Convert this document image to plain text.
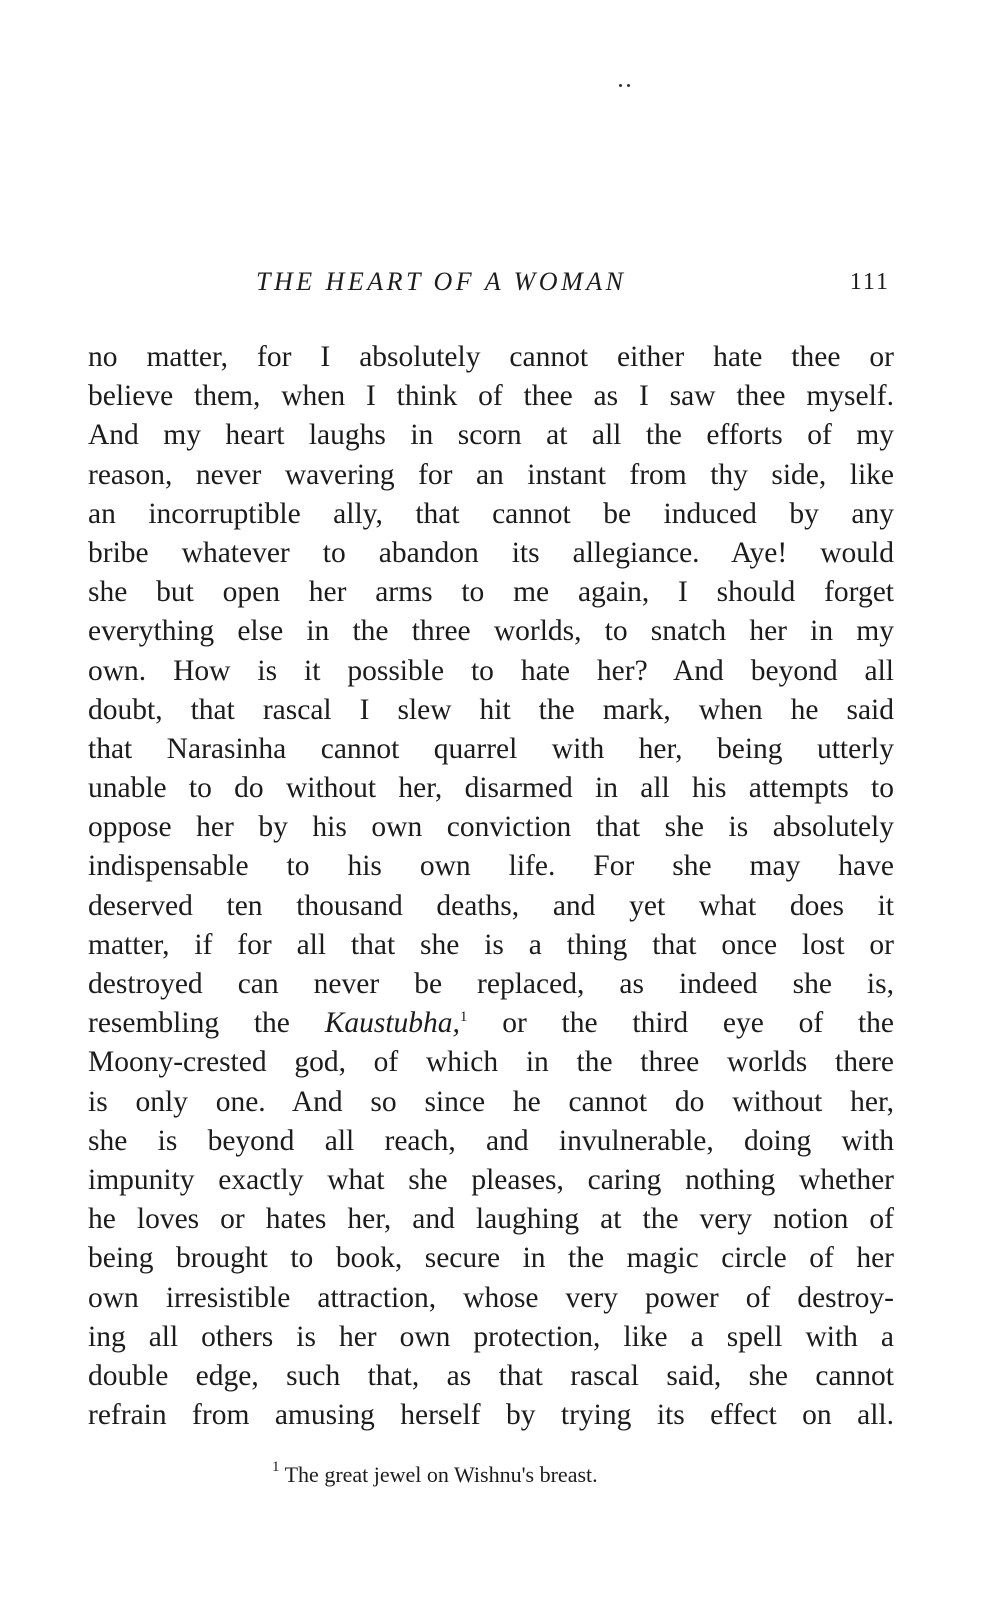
THE HEART OF A WOMAN	111
no matter, for I absolutely cannot either hate thee or
believe them, when I think of thee as I saw thee myself.
And my heart laughs in scorn at all the efforts of my
reason, never wavering for an instant from thy side, like
an incorruptible ally, that cannot be induced by any
bribe whatever to abandon its allegiance. Aye! would
she but open her arms to me again, I should forget
everything else in the three worlds, to snatch her in my
own. How is it possible to hate her? And beyond all
doubt, that rascal I slew hit the mark, when he said
that Narasinha cannot quarrel with her, being utterly
unable to do without her, disarmed in all his attempts to
oppose her by his own conviction that she is absolutely
indispensable to his own life. For she may have
deserved ten thousand deaths, and yet what does it
matter, if for all that she is a thing that once lost or
destroyed can never be replaced, as indeed she is,
resembling the Kaustubha,$^1$ or the third eye of the
Moony-crested god, of which in the three worlds there
is only one. And so since he cannot do without her,
she is beyond all reach, and invulnerable, doing with
impunity exactly what she pleases, caring nothing whether
he loves or hates her, and laughing at the very notion of
being brought to book, secure in the magic circle of her
own irresistible attraction, whose very power of destroy-
ing all others is her own protection, like a spell with a
double edge, such that, as that rascal said, she cannot
refrain from amusing herself by trying its effect on all.
$^1$ The great jewel on Wishnu's breast.
